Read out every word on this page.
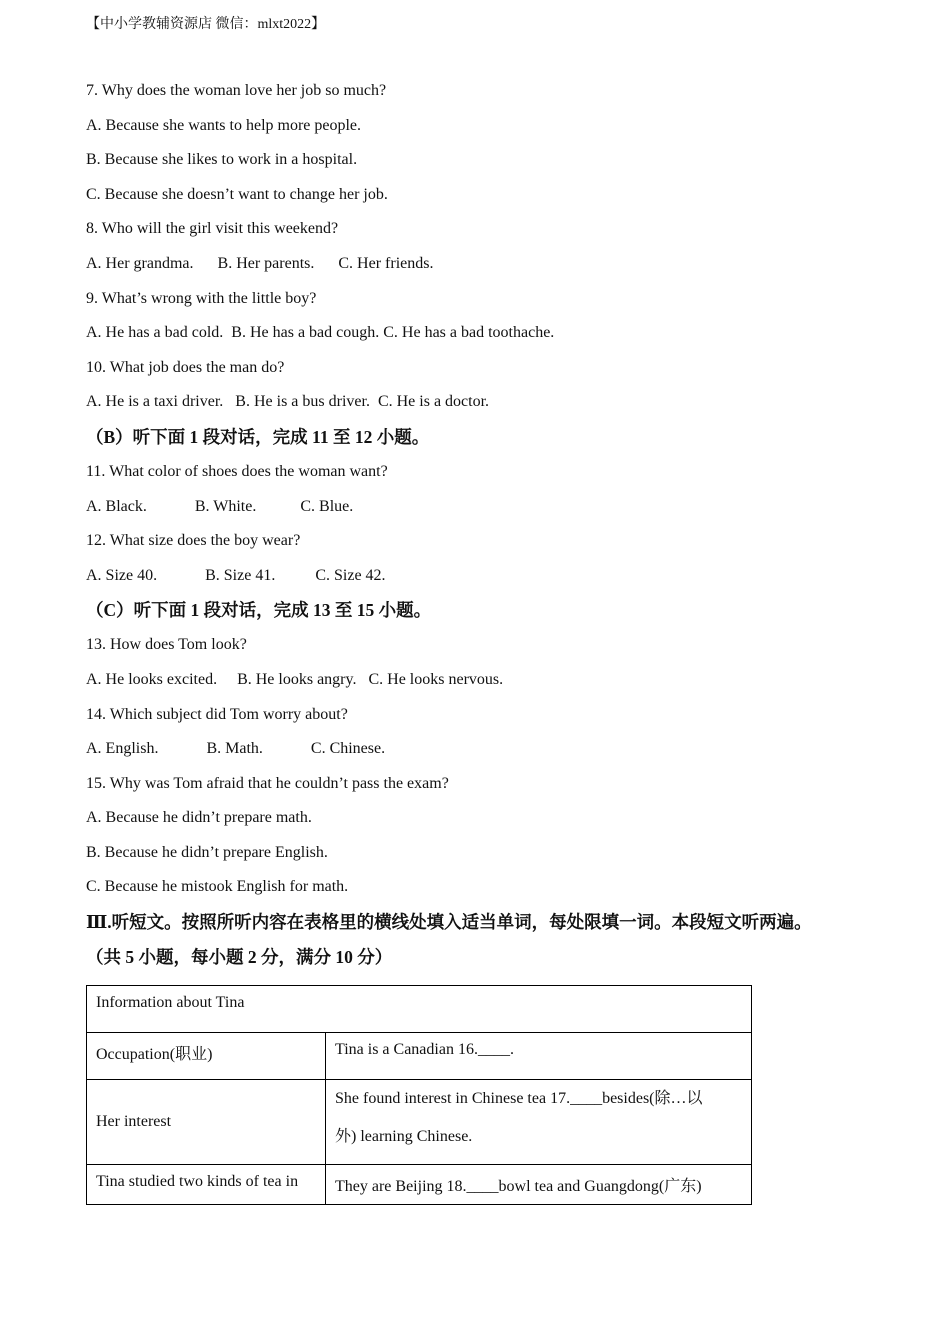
【中小学教辅资源店 微信：mlxt2022】
7. Why does the woman love her job so much?
A. Because she wants to help more people.
B. Because she likes to work in a hospital.
C. Because she doesn’t want to change her job.
8. Who will the girl visit this weekend?
A. Her grandma.      B. Her parents.      C. Her friends.
9. What’s wrong with the little boy?
A. He has a bad cold.  B. He has a bad cough. C. He has a bad toothache.
10. What job does the man do?
A. He is a taxi driver.   B. He is a bus driver.  C. He is a doctor.
（B）听下面 1 段对话，完成 11 至 12 小题。
11. What color of shoes does the woman want?
A. Black.            B. White.           C. Blue.
12. What size does the boy wear?
A. Size 40.            B. Size 41.          C. Size 42.
（C）听下面 1 段对话，完成 13 至 15 小题。
13. How does Tom look?
A. He looks excited.     B. He looks angry.   C. He looks nervous.
14. Which subject did Tom worry about?
A. English.            B. Math.            C. Chinese.
15. Why was Tom afraid that he couldn’t pass the exam?
A. Because he didn’t prepare math.
B. Because he didn’t prepare English.
C. Because he mistook English for math.
Ⅲ.听短文。按照所听内容在表格里的横线处填入适当单词，每处限填一词。本段短文听两遍。
（共 5 小题，每小题 2 分，满分 10 分）
Information about Tina	
Occupation(职业)	Tina is a Canadian 16.____.
Her interest	She found interest in Chinese tea 17.____besides(除…以
外) learning Chinese.

Tina studied two kinds of tea in	They are Beijing 18.____bowl tea and Guangdong(广东)
